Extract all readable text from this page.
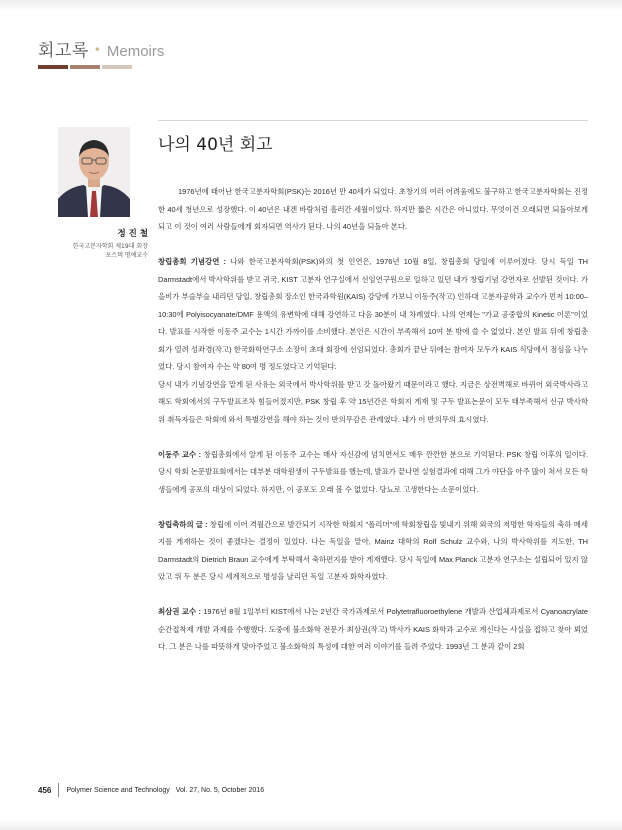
회고록 • Memoirs
정 진 철
한국고분자학회 제19대 회장
포스텍 명예교수
나의 40년 회고

1976년에 태어난 한국고분자학회(PSK)는 2016년 만 40세가 되었다. 초창기의 여러 어려움에도 불구하고 한국고분자학회는 진정한 40세 청년으로 성장했다. 이 40년은 내겐 바람처럼 흘러간 세월이었다. 하지만 짧은 시간은 아니었다. 무엇이건 오래되면 되돌아보게 되고 이 것이 여러 사람들에게 회자되면 역사가 된다. 나의 40년을 되돌아 본다.

창립총회 기념강연 : 나와 한국고분자학회(PSK)와의 첫 인연은, 1976년 10월 8일, 창립총회 당일에 이루어졌다. 당시 독일 TH Darmstadt에서 박사학위를 받고 귀국, KIST 고분자 연구실에서 선임연구원으로 일하고 있던 내가 창립기념 강연자로 선발된 것이다. 가을비가 부슬부슬 내리던 당일, 창립총회 장소인 한국과학원(KAIS) 강당에 가보니 이동주(작고) 인하대 고분자공학과 교수가 먼저 10:00–10:30에 Polyisocyanate/DMF 용액의 유변학에 대해 강연하고 다음 30분이 내 차례였다. 나의 연제는 "가교 공중합의 Kinetic 이론"이었다. 발표를 시작한 이동주 교수는 1시간 가까이를 소비했다. 본인은 시간이 부족해서 10여 분 밖에 쓸 수 없었다. 본인 발표 뒤에 창립총회가 열려 성좌경(작고) 한국화학연구소 소장이 초대 회장에 선임되었다. 총회가 끝난 뒤에는 참여자 모두가 KAIS 식당에서 점심을 나누었다. 당시 참여자 수는 약 80여 명 정도였다고 기억된다.

당시 내가 기념강연을 맡게 된 사유는 외국에서 박사학위를 받고 갓 돌아왔기 때문이라고 했다. 지금은 상전벽해로 바뀌어 외국박사라고 해도 학회에서의 구두발표조차 힘들어졌지만, PSK 창립 후 약 15년간은 학회지 게재 및 구두 발표논문이 모두 태부족해서 신규 박사학위 취득자들은 학회에 와서 특별강연을 해야 하는 것이 반의무감은 관례였다. 내가 이 반의무의 효시였다.

이동주 교수 : 창립총회에서 알게 된 이동주 교수는 매사 자신감에 넘치면서도 매우 깐깐한 분으로 기억된다. PSK 창립 이후의 일이다. 당시 학회 논문발표회에서는 대부분 대학원생이 구두발표를 했는데, 발표가 끝나면 실험결과에 대해 그가 야단을 아주 많이 쳐서 모든 학생들에게 공포의 대상이 되었다. 하지만, 이 공포도 오래 볼 수 없었다. 당뇨로 고생한다는 소문이었다.

창립축하의 글 : 창립에 이어 격월간으로 발간되기 시작한 학회지 "폴리머"에 학회창립을 빛내기 위해 외국의 저명한 학자들의 축하 메세지를 게재하는 것이 좋겠다는 결정이 있었다. 나는 독일을 맡아, Mainz 대학의 Rolf Schulz 교수와, 나의 박사학위를 지도한, TH Darmstadt의 Dietrich Braun 교수에게 부탁해서 축하편지를 받아 게재했다. 당시 독일에 Max Planck 고분자 연구소는 설립되어 있지 않았고 위 두 분은 당시 세계적으로 명성을 날리던 독일 고분자 화학자였다.

최삼권 교수 : 1976년 8월 1일부터 KIST에서 나는 2년간 국가과제로서 Polytetrafluoroethylene 개발과 산업체과제로서 Cyanoacrylate 순간접착제 개발 과제를 수행했다. 도중에 불소화학 전문가 최삼권(작고) 박사가 KAIS 화학과 교수로 계신다는 사실을 접하고 찾아 뵈었다. 그 분은 나를 따뜻하게 맞아주었고 불소화학의 특성에 대한 여러 이야기를 들려 주었다. 1993년 그 분과 같이 2회

456 Polymer Science and Technology Vol. 27, No. 5, October 2016
